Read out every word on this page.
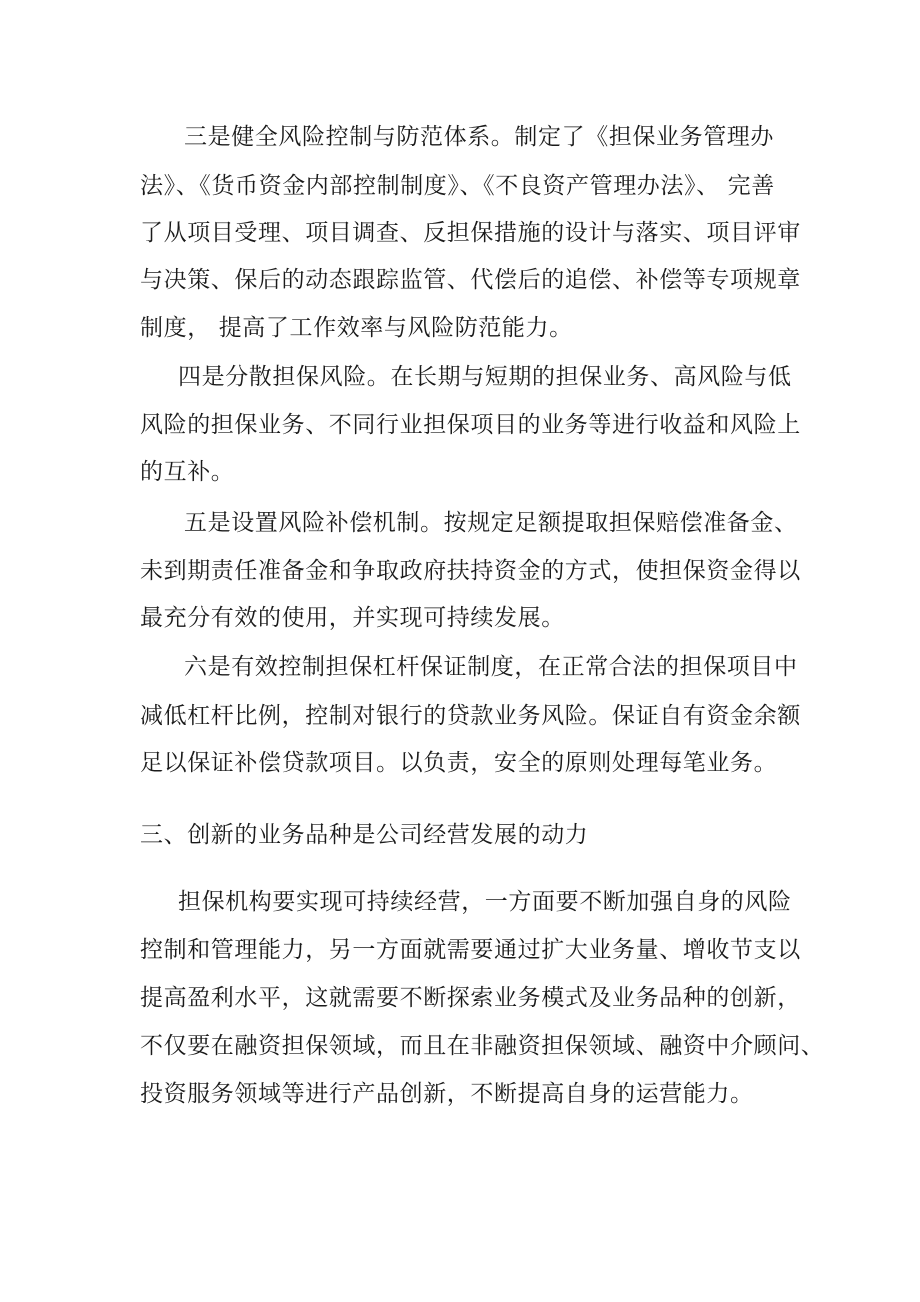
三是健全风险控制与防范体系。制定了《担保业务管理办
法》、《货币资金内部控制制度》、《不良资产管理办法》、 完善
了从项目受理、项目调查、反担保措施的设计与落实、项目评审
与决策、保后的动态跟踪监管、代偿后的追偿、补偿等专项规章
制度， 提高了工作效率与风险防范能力。
四是分散担保风险。在长期与短期的担保业务、高风险与低
风险的担保业务、不同行业担保项目的业务等进行收益和风险上
的互补。
五是设置风险补偿机制。按规定足额提取担保赔偿准备金、
未到期责任准备金和争取政府扶持资金的方式，使担保资金得以
最充分有效的使用，并实现可持续发展。
六是有效控制担保杠杆保证制度，在正常合法的担保项目中
减低杠杆比例，控制对银行的贷款业务风险。保证自有资金余额
足以保证补偿贷款项目。以负责，安全的原则处理每笔业务。
三、创新的业务品种是公司经营发展的动力
担保机构要实现可持续经营，一方面要不断加强自身的风险
控制和管理能力，另一方面就需要通过扩大业务量、增收节支以
提高盈利水平，这就需要不断探索业务模式及业务品种的创新，
不仅要在融资担保领域，而且在非融资担保领域、融资中介顾问、
投资服务领域等进行产品创新，不断提高自身的运营能力。
